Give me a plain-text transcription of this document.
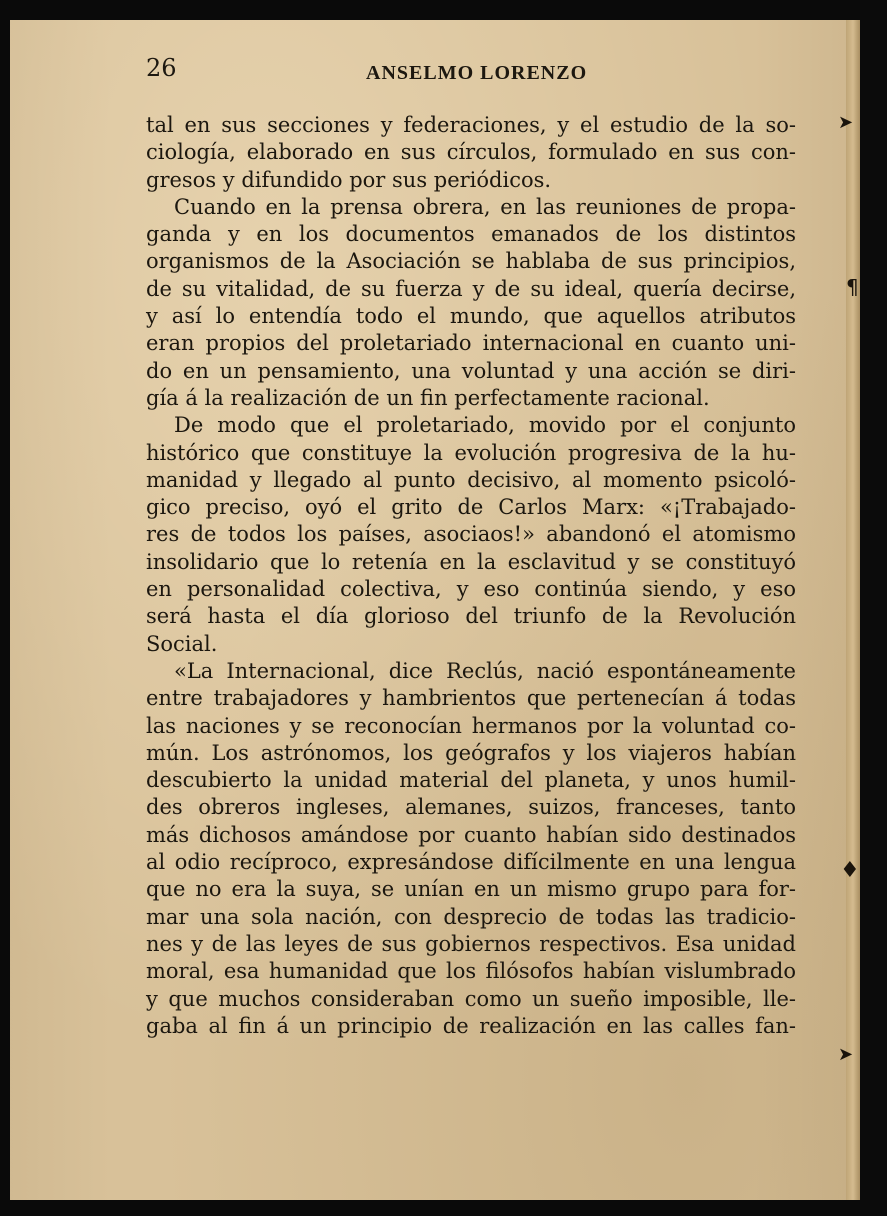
➤
¶
♦
➤
26	ANSELMO LORENZO

tal en sus secciones y federaciones, y el estudio de la so-

ciología, elaborado en sus círculos, formulado en sus con-

gresos y difundido por sus periódicos.

Cuando en la prensa obrera, en las reuniones de propa-

ganda y en los documentos emanados de los distintos

organismos de la Asociación se hablaba de sus principios,

de su vitalidad, de su fuerza y de su ideal, quería decirse,

y así lo entendía todo el mundo, que aquellos atributos

eran propios del proletariado internacional en cuanto uni-

do en un pensamiento, una voluntad y una acción se diri-

gía á la realización de un fin perfectamente racional.

De modo que el proletariado, movido por el conjunto

histórico que constituye la evolución progresiva de la hu-

manidad y llegado al punto decisivo, al momento psicoló-

gico preciso, oyó el grito de Carlos Marx: «¡Trabajado-

res de todos los países, asociaos!» abandonó el atomismo

insolidario que lo retenía en la esclavitud y se constituyó

en personalidad colectiva, y eso continúa siendo, y eso

será hasta el día glorioso del triunfo de la Revolución

Social.

«La Internacional, dice Reclús, nació espontáneamente

entre trabajadores y hambrientos que pertenecían á todas

las naciones y se reconocían hermanos por la voluntad co-

mún. Los astrónomos, los geógrafos y los viajeros habían

descubierto la unidad material del planeta, y unos humil-

des obreros ingleses, alemanes, suizos, franceses, tanto

más dichosos amándose por cuanto habían sido destinados

al odio recíproco, expresándose difícilmente en una lengua

que no era la suya, se unían en un mismo grupo para for-

mar una sola nación, con desprecio de todas las tradicio-

nes y de las leyes de sus gobiernos respectivos. Esa unidad

moral, esa humanidad que los filósofos habían vislumbrado

y que muchos consideraban como un sueño imposible, lle-

gaba al fin á un principio de realización en las calles fan-
